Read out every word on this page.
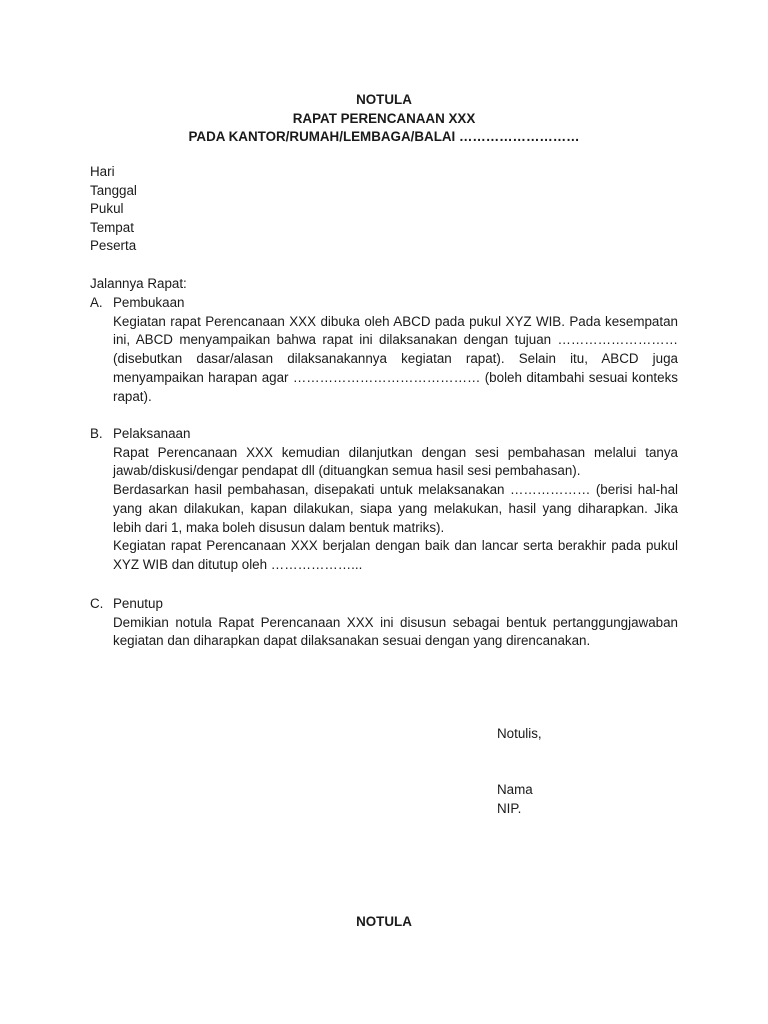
NOTULA
RAPAT PERENCANAAN XXX
PADA KANTOR/RUMAH/LEMBAGA/BALAI ………………………
Hari
Tanggal
Pukul
Tempat
Peserta
Jalannya Rapat:
A. Pembukaan

Kegiatan rapat Perencanaan XXX dibuka oleh ABCD pada pukul XYZ WIB. Pada kesempatan ini, ABCD menyampaikan bahwa rapat ini dilaksanakan dengan tujuan ……………………… (disebutkan dasar/alasan dilaksanakannya kegiatan rapat). Selain itu, ABCD juga menyampaikan harapan agar …………………………………… (boleh ditambahi sesuai konteks rapat).

B. Pelaksanaan

Rapat Perencanaan XXX kemudian dilanjutkan dengan sesi pembahasan melalui tanya jawab/diskusi/dengar pendapat dll (dituangkan semua hasil sesi pembahasan).

Berdasarkan hasil pembahasan, disepakati untuk melaksanakan ……………… (berisi hal-hal yang akan dilakukan, kapan dilakukan, siapa yang melakukan, hasil yang diharapkan. Jika lebih dari 1, maka boleh disusun dalam bentuk matriks).

Kegiatan rapat Perencanaan XXX berjalan dengan baik dan lancar serta berakhir pada pukul XYZ WIB dan ditutup oleh ………………...

C. Penutup

Demikian notula Rapat Perencanaan XXX ini disusun sebagai bentuk pertanggungjawaban kegiatan dan diharapkan dapat dilaksanakan sesuai dengan yang direncanakan.

Notulis,
Nama
NIP.
NOTULA
